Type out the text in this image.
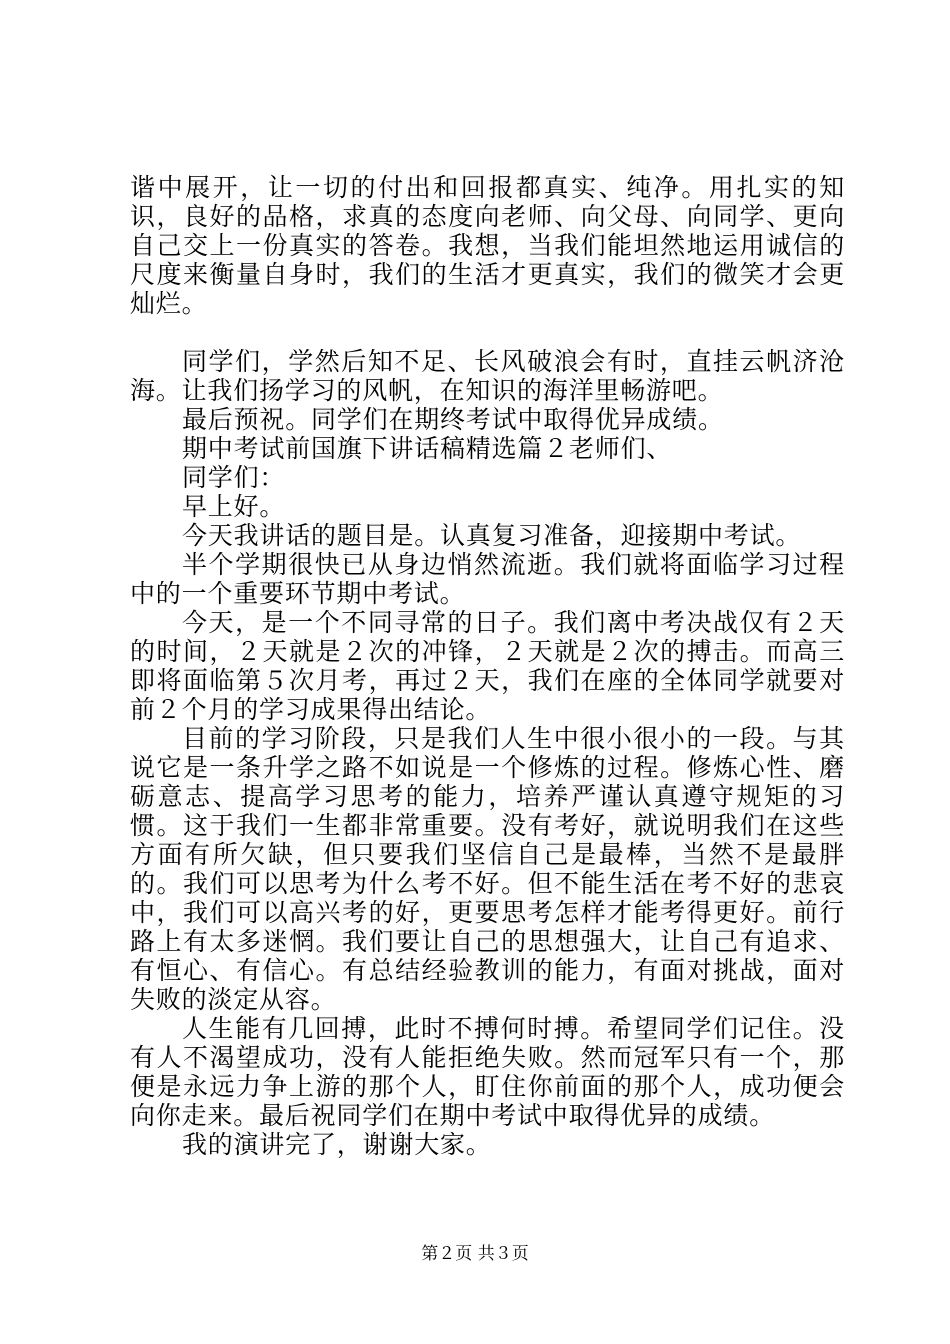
谐中展开，让一切的付出和回报都真实、纯净。用扎实的知识，良好的品格，求真的态度向老师、向父母、向同学、更向自己交上一份真实的答卷。我想，当我们能坦然地运用诚信的尺度来衡量自身时，我们的生活才更真实，我们的微笑才会更灿烂。

同学们，学然后知不足、长风破浪会有时，直挂云帆济沧海。让我们扬学习的风帆，在知识的海洋里畅游吧。

最后预祝。同学们在期终考试中取得优异成绩。

期中考试前国旗下讲话稿精选篇２老师们、

同学们：

早上好。

今天我讲话的题目是。认真复习准备，迎接期中考试。

半个学期很快已从身边悄然流逝。我们就将面临学习过程中的一个重要环节期中考试。

今天，是一个不同寻常的日子。我们离中考决战仅有２天的时间，２天就是２次的冲锋，２天就是２次的搏击。而高三即将面临第５次月考，再过２天，我们在座的全体同学就要对前２个月的学习成果得出结论。

目前的学习阶段，只是我们人生中很小很小的一段。与其说它是一条升学之路不如说是一个修炼的过程。修炼心性、磨砺意志、提高学习思考的能力，培养严谨认真遵守规矩的习惯。这于我们一生都非常重要。没有考好，就说明我们在这些方面有所欠缺，但只要我们坚信自己是最棒，当然不是最胖的。我们可以思考为什么考不好。但不能生活在考不好的悲哀中，我们可以高兴考的好，更要思考怎样才能考得更好。前行路上有太多迷惘。我们要让自己的思想强大，让自己有追求、有恒心、有信心。有总结经验教训的能力，有面对挑战，面对失败的淡定从容。

人生能有几回搏，此时不搏何时搏。希望同学们记住。没有人不渴望成功，没有人能拒绝失败。然而冠军只有一个，那便是永远力争上游的那个人，盯住你前面的那个人，成功便会向你走来。最后祝同学们在期中考试中取得优异的成绩。

我的演讲完了，谢谢大家。

第２页 共３页
